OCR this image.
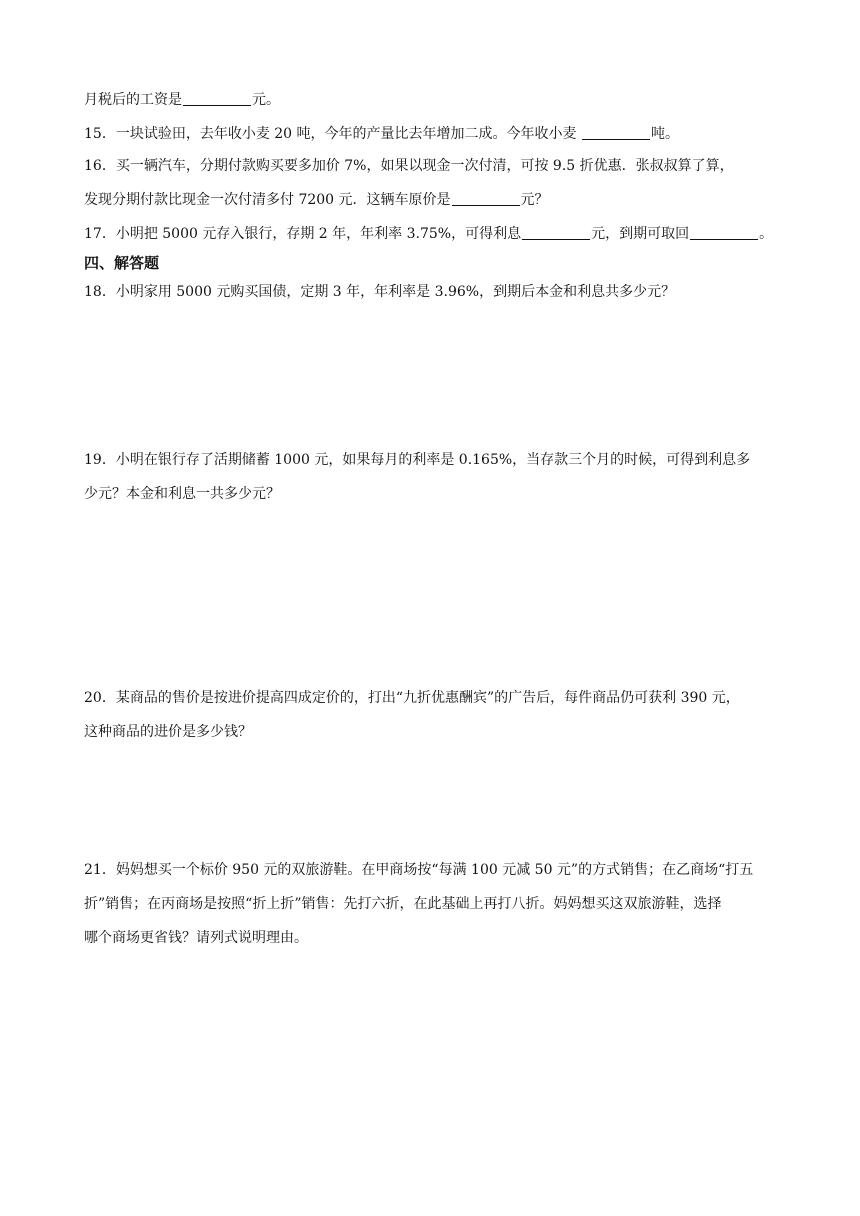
月税后的工资是	元。
15．一块试验田，去年收小麦 20 吨，今年的产量比去年增加二成。今年收小麦	吨。
16．买一辆汽车，分期付款购买要多加价 7%，如果以现金一次付清，可按 9.5 折优惠．张叔叔算了算，
发现分期付款比现金一次付清多付 7200 元．这辆车原价是	元？
17．小明把 5000 元存入银行，存期 2 年，年利率 3.75%，可得利息	元，到期可取回	。
四、解答题
18．小明家用 5000 元购买国债，定期 3 年，年利率是 3.96%，到期后本金和利息共多少元？
19．小明在银行存了活期储蓄 1000 元，如果每月的利率是 0.165%，当存款三个月的时候，可得到利息多
少元？本金和利息一共多少元？
20．某商品的售价是按进价提高四成定价的，打出“九折优惠酬宾”的广告后，每件商品仍可获利 390 元，
这种商品的进价是多少钱？
21．妈妈想买一个标价 950 元的双旅游鞋。在甲商场按“每满 100 元减 50 元”的方式销售；在乙商场“打五
折”销售；在丙商场是按照“折上折”销售：先打六折，在此基础上再打八折。妈妈想买这双旅游鞋，选择
哪个商场更省钱？请列式说明理由。
